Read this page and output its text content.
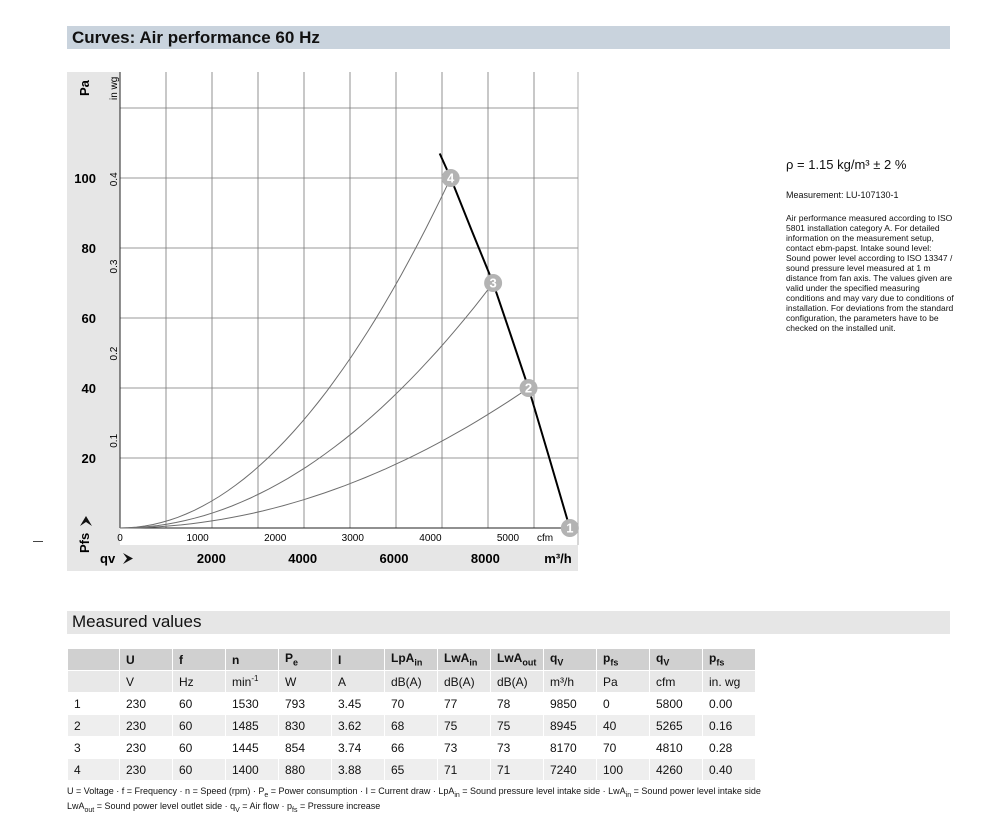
Curves: Air performance 60 Hz
1
2
3
4
20
40
60
80
100
Pa in wg
0.1
0.2
0.3
0.4
Pfs	0	1000	2000	3000	4000	5000 cfm
2000	4000	6000	8000	m³/h
qv
ρ = 1.15 kg/m³ ± 2 %
Measurement: LU-107130-1
Air performance measured according to ISO 5801 installation category A. For detailed information on the measurement setup, contact ebm-papst. Intake sound level: Sound power level according to ISO 13347 / sound pressure level measured at 1 m distance from fan axis. The values given are valid under the specified measuring conditions and may vary due to conditions of installation. For deviations from the standard configuration, the parameters have to be checked on the installed unit.
Measured values
	U	f	n	$P_e$	I	LpA$_{in}$	LwA$_{in}$	LwA$_{out}$	$q_V$	$p_{fs}$	$q_V$	$p_{fs}$
	V	Hz	$\min^{-1}$	W	A	dB(A)	dB(A)	dB(A)	m³/h	Pa	cfm	in. wg
1	230	60	1530	793	3.45	70	77	78	9850	0	5800	0.00
2	230	60	1485	830	3.62	68	75	75	8945	40	5265	0.16
3	230	60	1445	854	3.74	66	73	73	8170	70	4810	0.28
4	230	60	1400	880	3.88	65	71	71	7240	100	4260	0.40
U = Voltage · f = Frequency · n = Speed $(rpm) \cdot P_e$ = Power consumption · I = Current draw · LpA$_{in}$ = Sound pressure level intake side · LwA$_{in}$ = Sound power level intake side
LwA$_{out}$ = Sound power level outlet side · $q_V$ = Air flow · $p_{fs}$ = Pressure increase
